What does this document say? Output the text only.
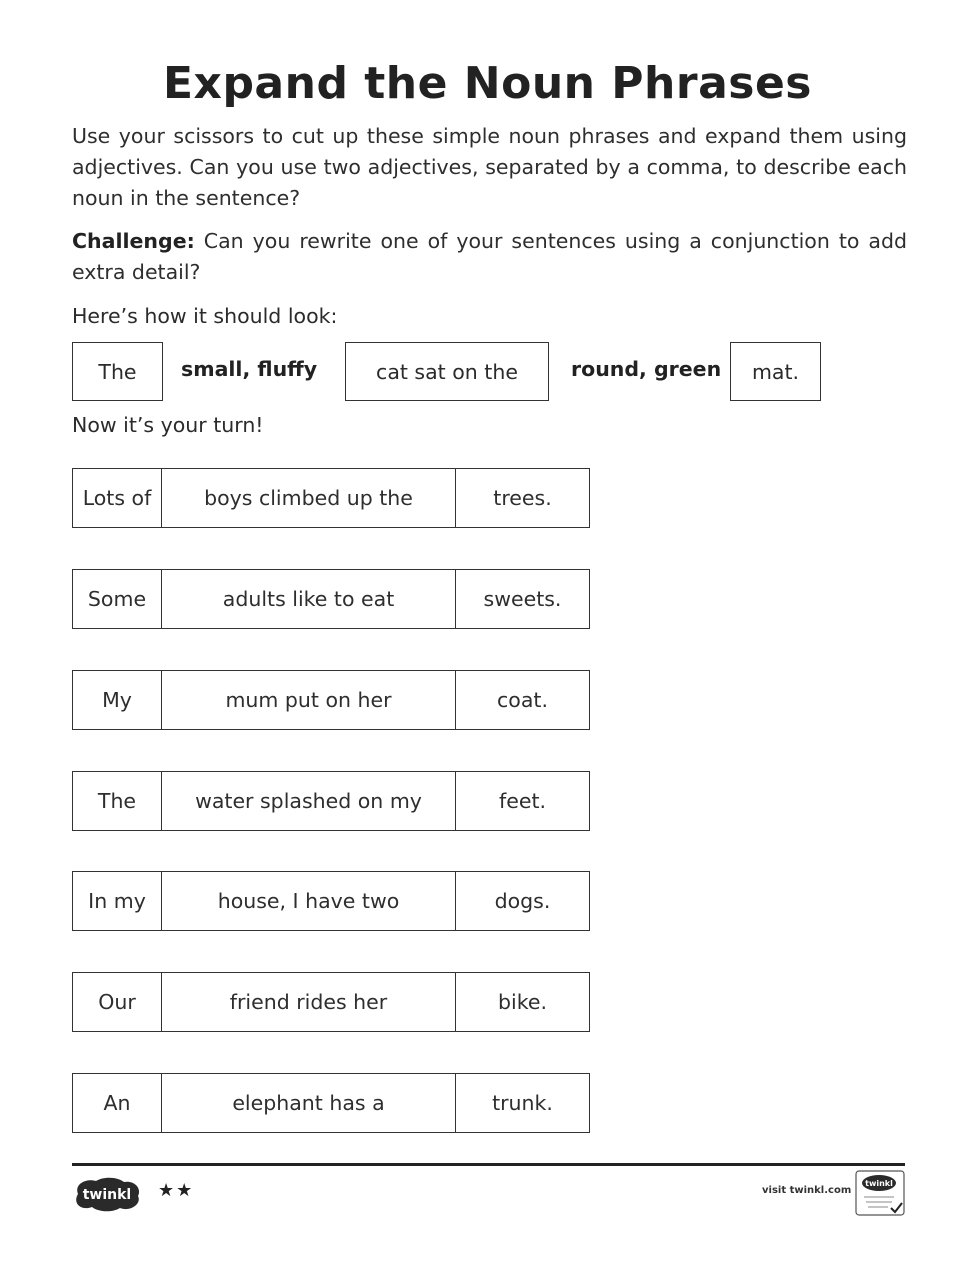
Expand the Noun Phrases
Use your scissors to cut up these simple noun phrases and expand them using adjectives. Can you use two adjectives, separated by a comma, to describe each noun in the sentence?
Challenge: Can you rewrite one of your sentences using a conjunction to add extra detail?
Here’s how it should look:
The small, fluffy	cat sat on the	round, green mat.
Now it’s your turn!
Lots of	boys climbed up the	trees.
Some	adults like to eat	sweets.
My	mum put on her	coat.
The	water splashed on my	feet.
In my	house, I have two	dogs.
Our	friend rides her	bike.
An	elephant has a	trunk.
twinkl ★★	visit twinkl.com
twinkl
